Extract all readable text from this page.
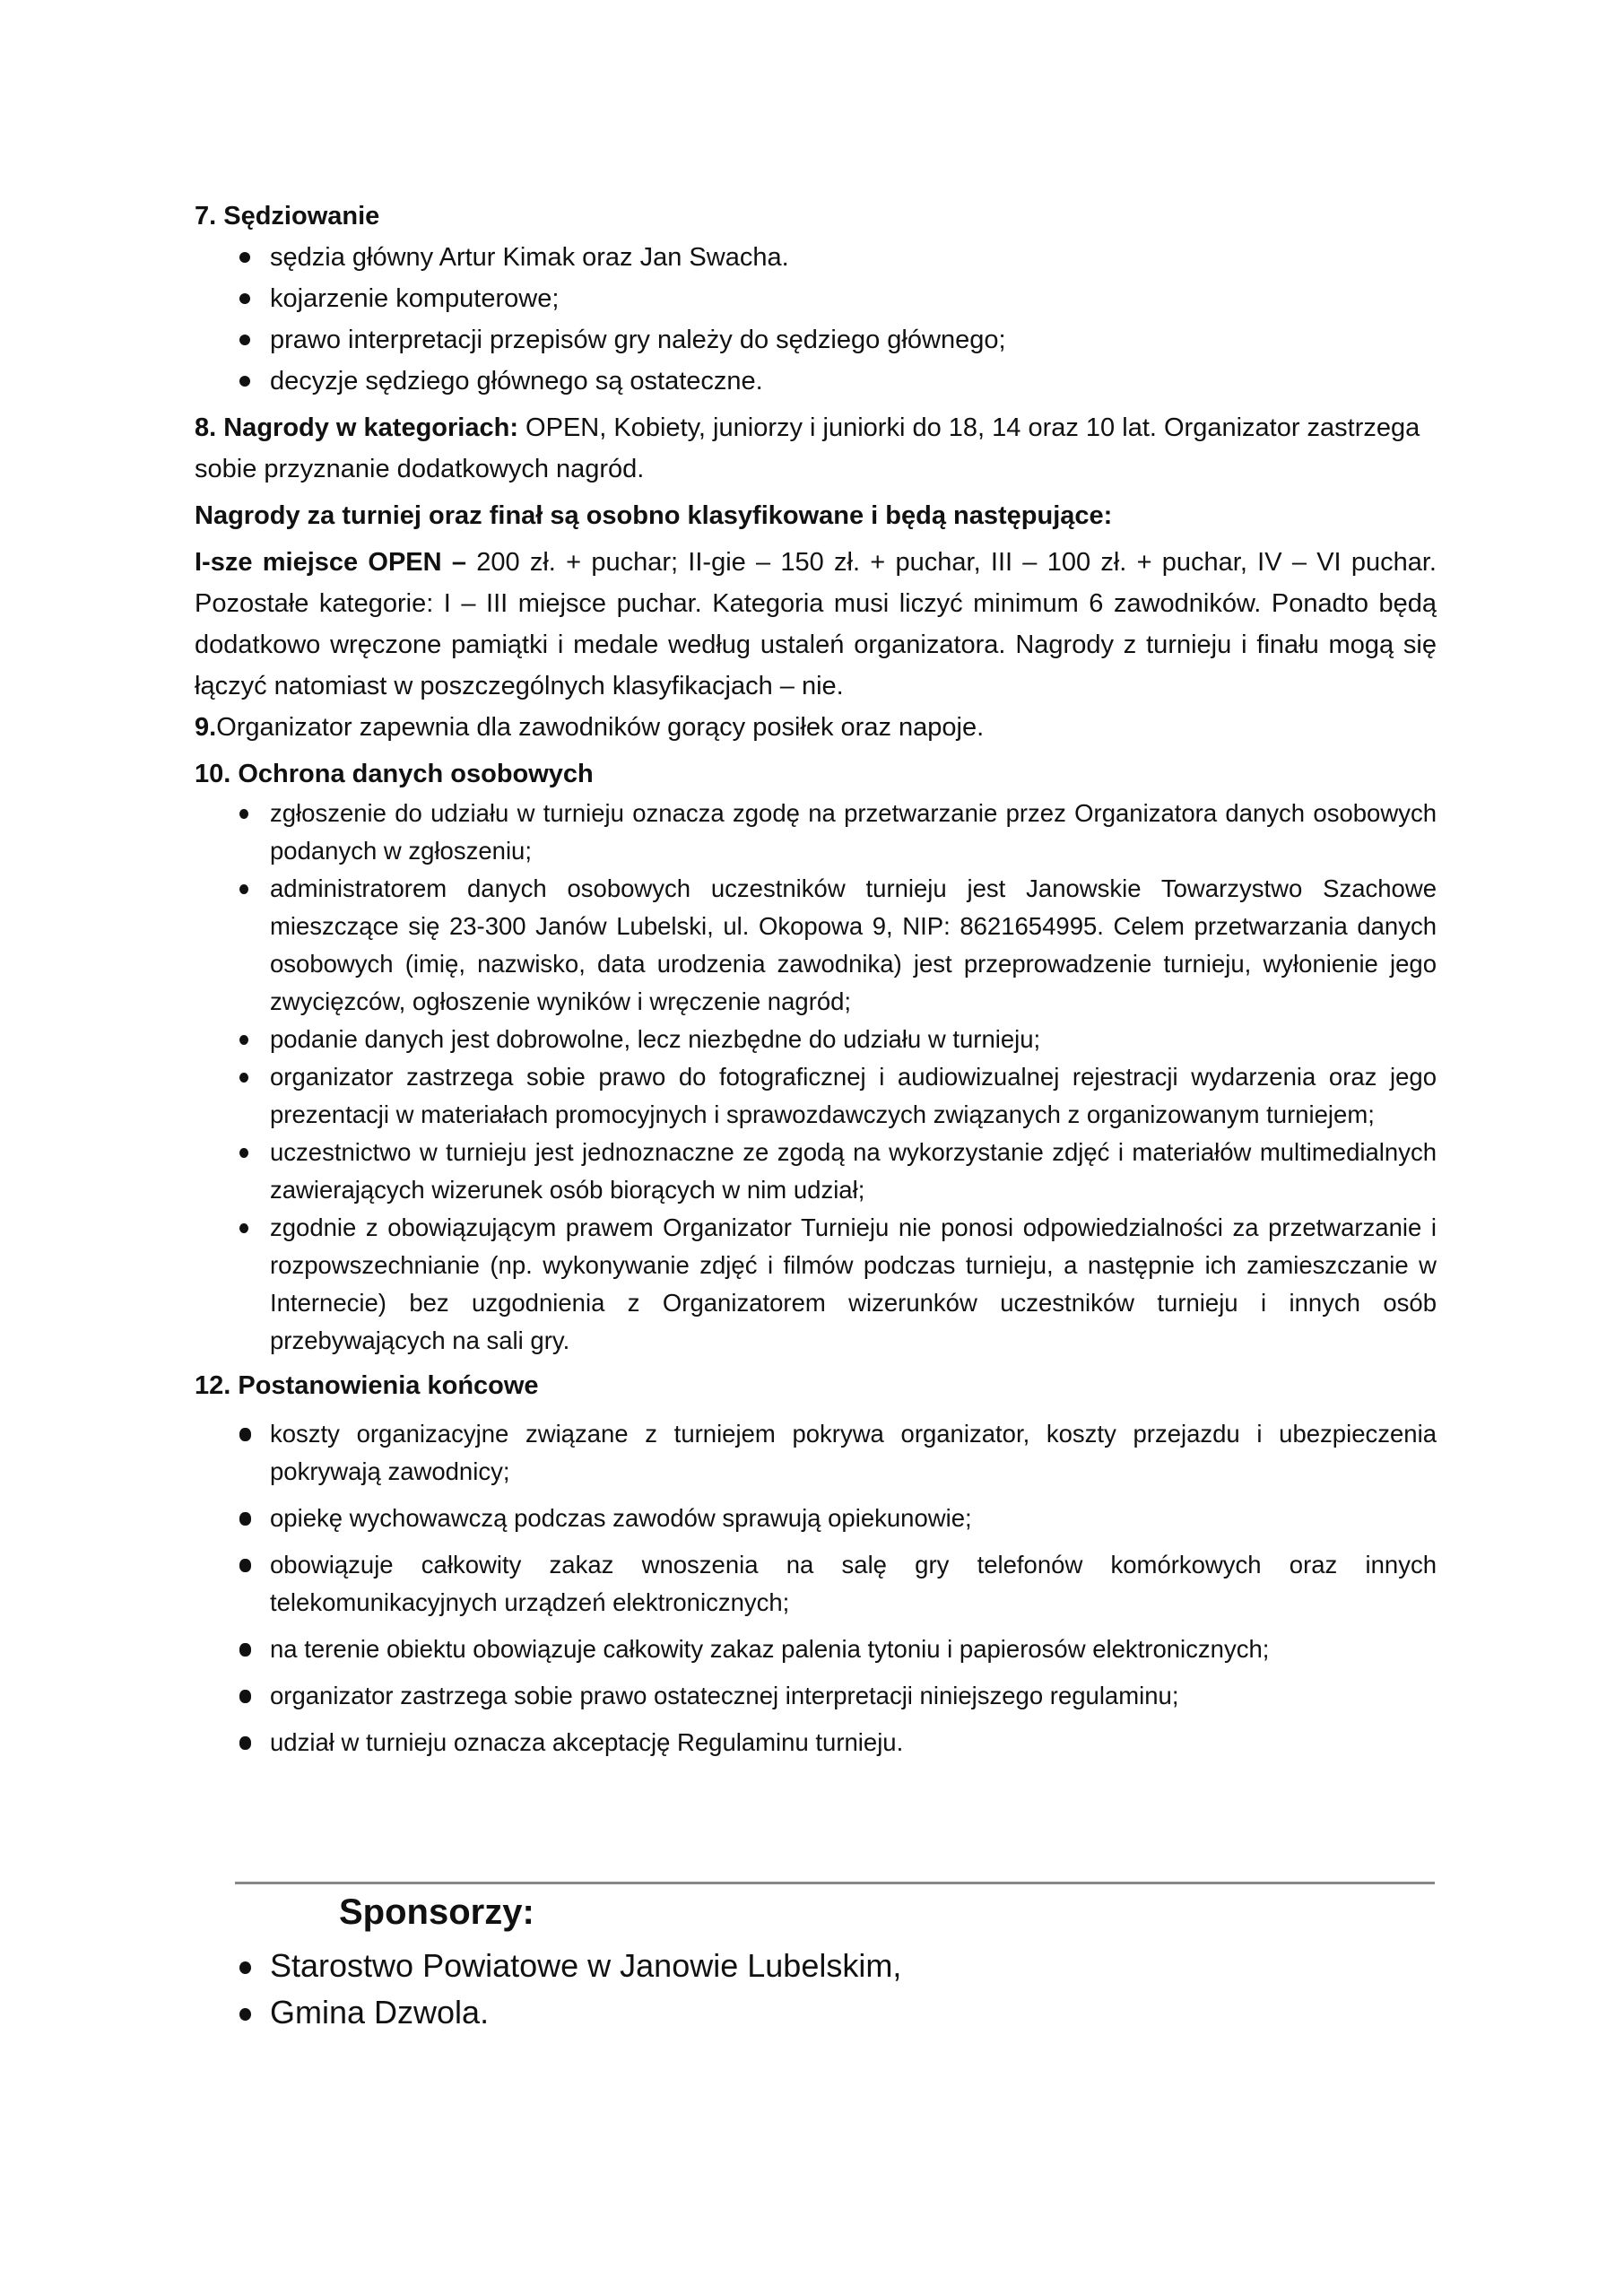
7. Sędziowanie
sędzia główny Artur Kimak oraz Jan Swacha.
kojarzenie komputerowe;
prawo interpretacji przepisów gry należy do sędziego głównego;
decyzje sędziego głównego są ostateczne.

8. Nagrody w kategoriach: OPEN, Kobiety, juniorzy i juniorki do 18, 14 oraz 10 lat. Organizator zastrzega sobie przyznanie dodatkowych nagród.

Nagrody za turniej oraz finał są osobno klasyfikowane i będą następujące:

I-sze miejsce OPEN – 200 zł. + puchar; II-gie – 150 zł. + puchar, III – 100 zł. + puchar, IV – VI puchar. Pozostałe kategorie: I – III miejsce puchar. Kategoria musi liczyć minimum 6 zawodników. Ponadto będą dodatkowo wręczone pamiątki i medale według ustaleń organizatora. Nagrody z turnieju i finału mogą się łączyć natomiast w poszczególnych klasyfikacjach – nie.

9.Organizator zapewnia dla zawodników gorący posiłek oraz napoje.

10. Ochrona danych osobowych
zgłoszenie do udziału w turnieju oznacza zgodę na przetwarzanie przez Organizatora danych osobowych podanych w zgłoszeniu;
administratorem danych osobowych uczestników turnieju jest Janowskie Towarzystwo Szachowe mieszczące się 23-300 Janów Lubelski, ul. Okopowa 9, NIP: 8621654995. Celem przetwarzania danych osobowych (imię, nazwisko, data urodzenia zawodnika) jest przeprowadzenie turnieju, wyłonienie jego zwycięzców, ogłoszenie wyników i wręczenie nagród;
podanie danych jest dobrowolne, lecz niezbędne do udziału w turnieju;
organizator zastrzega sobie prawo do fotograficznej i audiowizualnej rejestracji wydarzenia oraz jego prezentacji w materiałach promocyjnych i sprawozdawczych związanych z organizowanym turniejem;
uczestnictwo w turnieju jest jednoznaczne ze zgodą na wykorzystanie zdjęć i materiałów multimedialnych zawierających wizerunek osób biorących w nim udział;
zgodnie z obowiązującym prawem Organizator Turnieju nie ponosi odpowiedzialności za przetwarzanie i rozpowszechnianie (np. wykonywanie zdjęć i filmów podczas turnieju, a następnie ich zamieszczanie w Internecie) bez uzgodnienia z Organizatorem wizerunków uczestników turnieju i innych osób przebywających na sali gry.
12. Postanowienia końcowe
koszty organizacyjne związane z turniejem pokrywa organizator, koszty przejazdu i ubezpieczenia pokrywają zawodnicy;
opiekę wychowawczą podczas zawodów sprawują opiekunowie;
obowiązuje całkowity zakaz wnoszenia na salę gry telefonów komórkowych oraz innych telekomunikacyjnych urządzeń elektronicznych;
na terenie obiektu obowiązuje całkowity zakaz palenia tytoniu i papierosów elektronicznych;
organizator zastrzega sobie prawo ostatecznej interpretacji niniejszego regulaminu;
udział w turnieju oznacza akceptację Regulaminu turnieju.
Sponsorzy:
Starostwo Powiatowe w Janowie Lubelskim,
Gmina Dzwola.
